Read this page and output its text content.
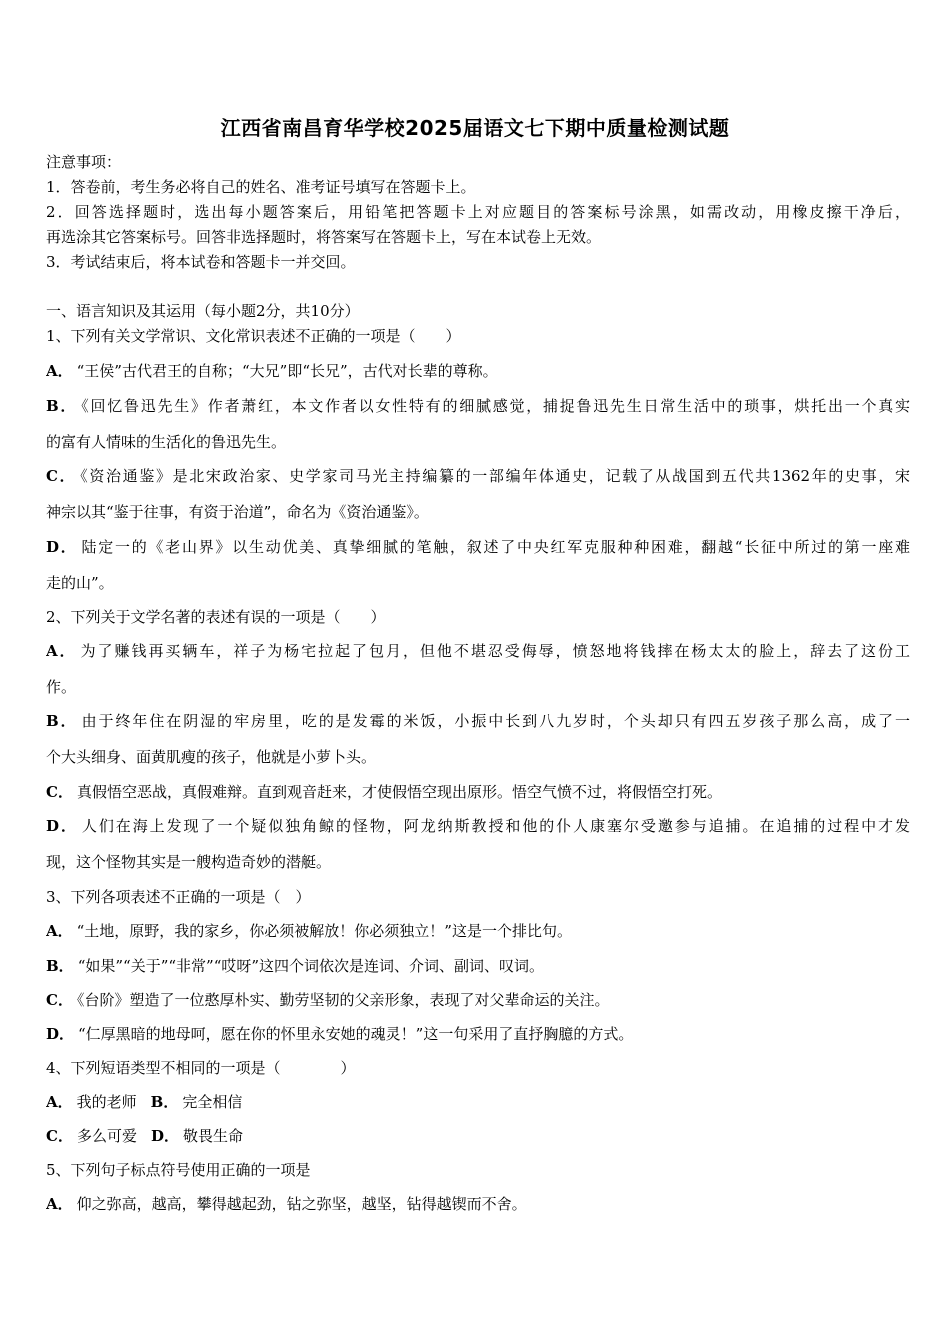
江西省南昌育华学校2025届语文七下期中质量检测试题
注意事项：
1．答卷前，考生务必将自己的姓名、准考证号填写在答题卡上。
2．回答选择题时，选出每小题答案后，用铅笔把答题卡上对应题目的答案标号涂黑，如需改动，用橡皮擦干净后，
再选涂其它答案标号。回答非选择题时，将答案写在答题卡上，写在本试卷上无效。
3．考试结束后，将本试卷和答题卡一并交回。
一、语言知识及其运用（每小题2分，共10分）
1、下列有关文学常识、文化常识表述不正确的一项是（　　）
A． “王侯”古代君王的自称；“大兄”即“长兄”，古代对长辈的尊称。
B． 《回忆鲁迅先生》作者萧红，本文作者以女性特有的细腻感觉，捕捉鲁迅先生日常生活中的琐事，烘托出一个真实
的富有人情味的生活化的鲁迅先生。
C． 《资治通鉴》是北宋政治家、史学家司马光主持编纂的一部编年体通史，记载了从战国到五代共1362年的史事，宋
神宗以其“鉴于往事，有资于治道”，命名为《资治通鉴》。
D． 陆定一的《老山界》以生动优美、真挚细腻的笔触，叙述了中央红军克服种种困难，翻越“长征中所过的第一座难
走的山”。
2、下列关于文学名著的表述有误的一项是（　　）
A． 为了赚钱再买辆车，祥子为杨宅拉起了包月，但他不堪忍受侮辱，愤怒地将钱摔在杨太太的脸上，辞去了这份工
作。
B． 由于终年住在阴湿的牢房里，吃的是发霉的米饭，小振中长到八九岁时，个头却只有四五岁孩子那么高，成了一
个大头细身、面黄肌瘦的孩子，他就是小萝卜头。
C． 真假悟空恶战，真假难辩。直到观音赶来，才使假悟空现出原形。悟空气愤不过，将假悟空打死。
D． 人们在海上发现了一个疑似独角鲸的怪物，阿龙纳斯教授和他的仆人康塞尔受邀参与追捕。在追捕的过程中才发
现，这个怪物其实是一艘构造奇妙的潜艇。
3、下列各项表述不正确的一项是（　）
A． “土地，原野，我的家乡，你必须被解放！你必须独立！”这是一个排比句。
B． “如果”“关于”“非常”“哎呀”这四个词依次是连词、介词、副词、叹词。
C． 《台阶》塑造了一位憨厚朴实、勤劳坚韧的父亲形象，表现了对父辈命运的关注。
D． “仁厚黑暗的地母呵，愿在你的怀里永安她的魂灵！”这一句采用了直抒胸臆的方式。
4、下列短语类型不相同的一项是（　　　　）
A． 我的老师 B． 完全相信
C． 多么可爱 D． 敬畏生命
5、下列句子标点符号使用正确的一项是
A． 仰之弥高，越高，攀得越起劲，钻之弥坚，越坚，钻得越锲而不舍。
